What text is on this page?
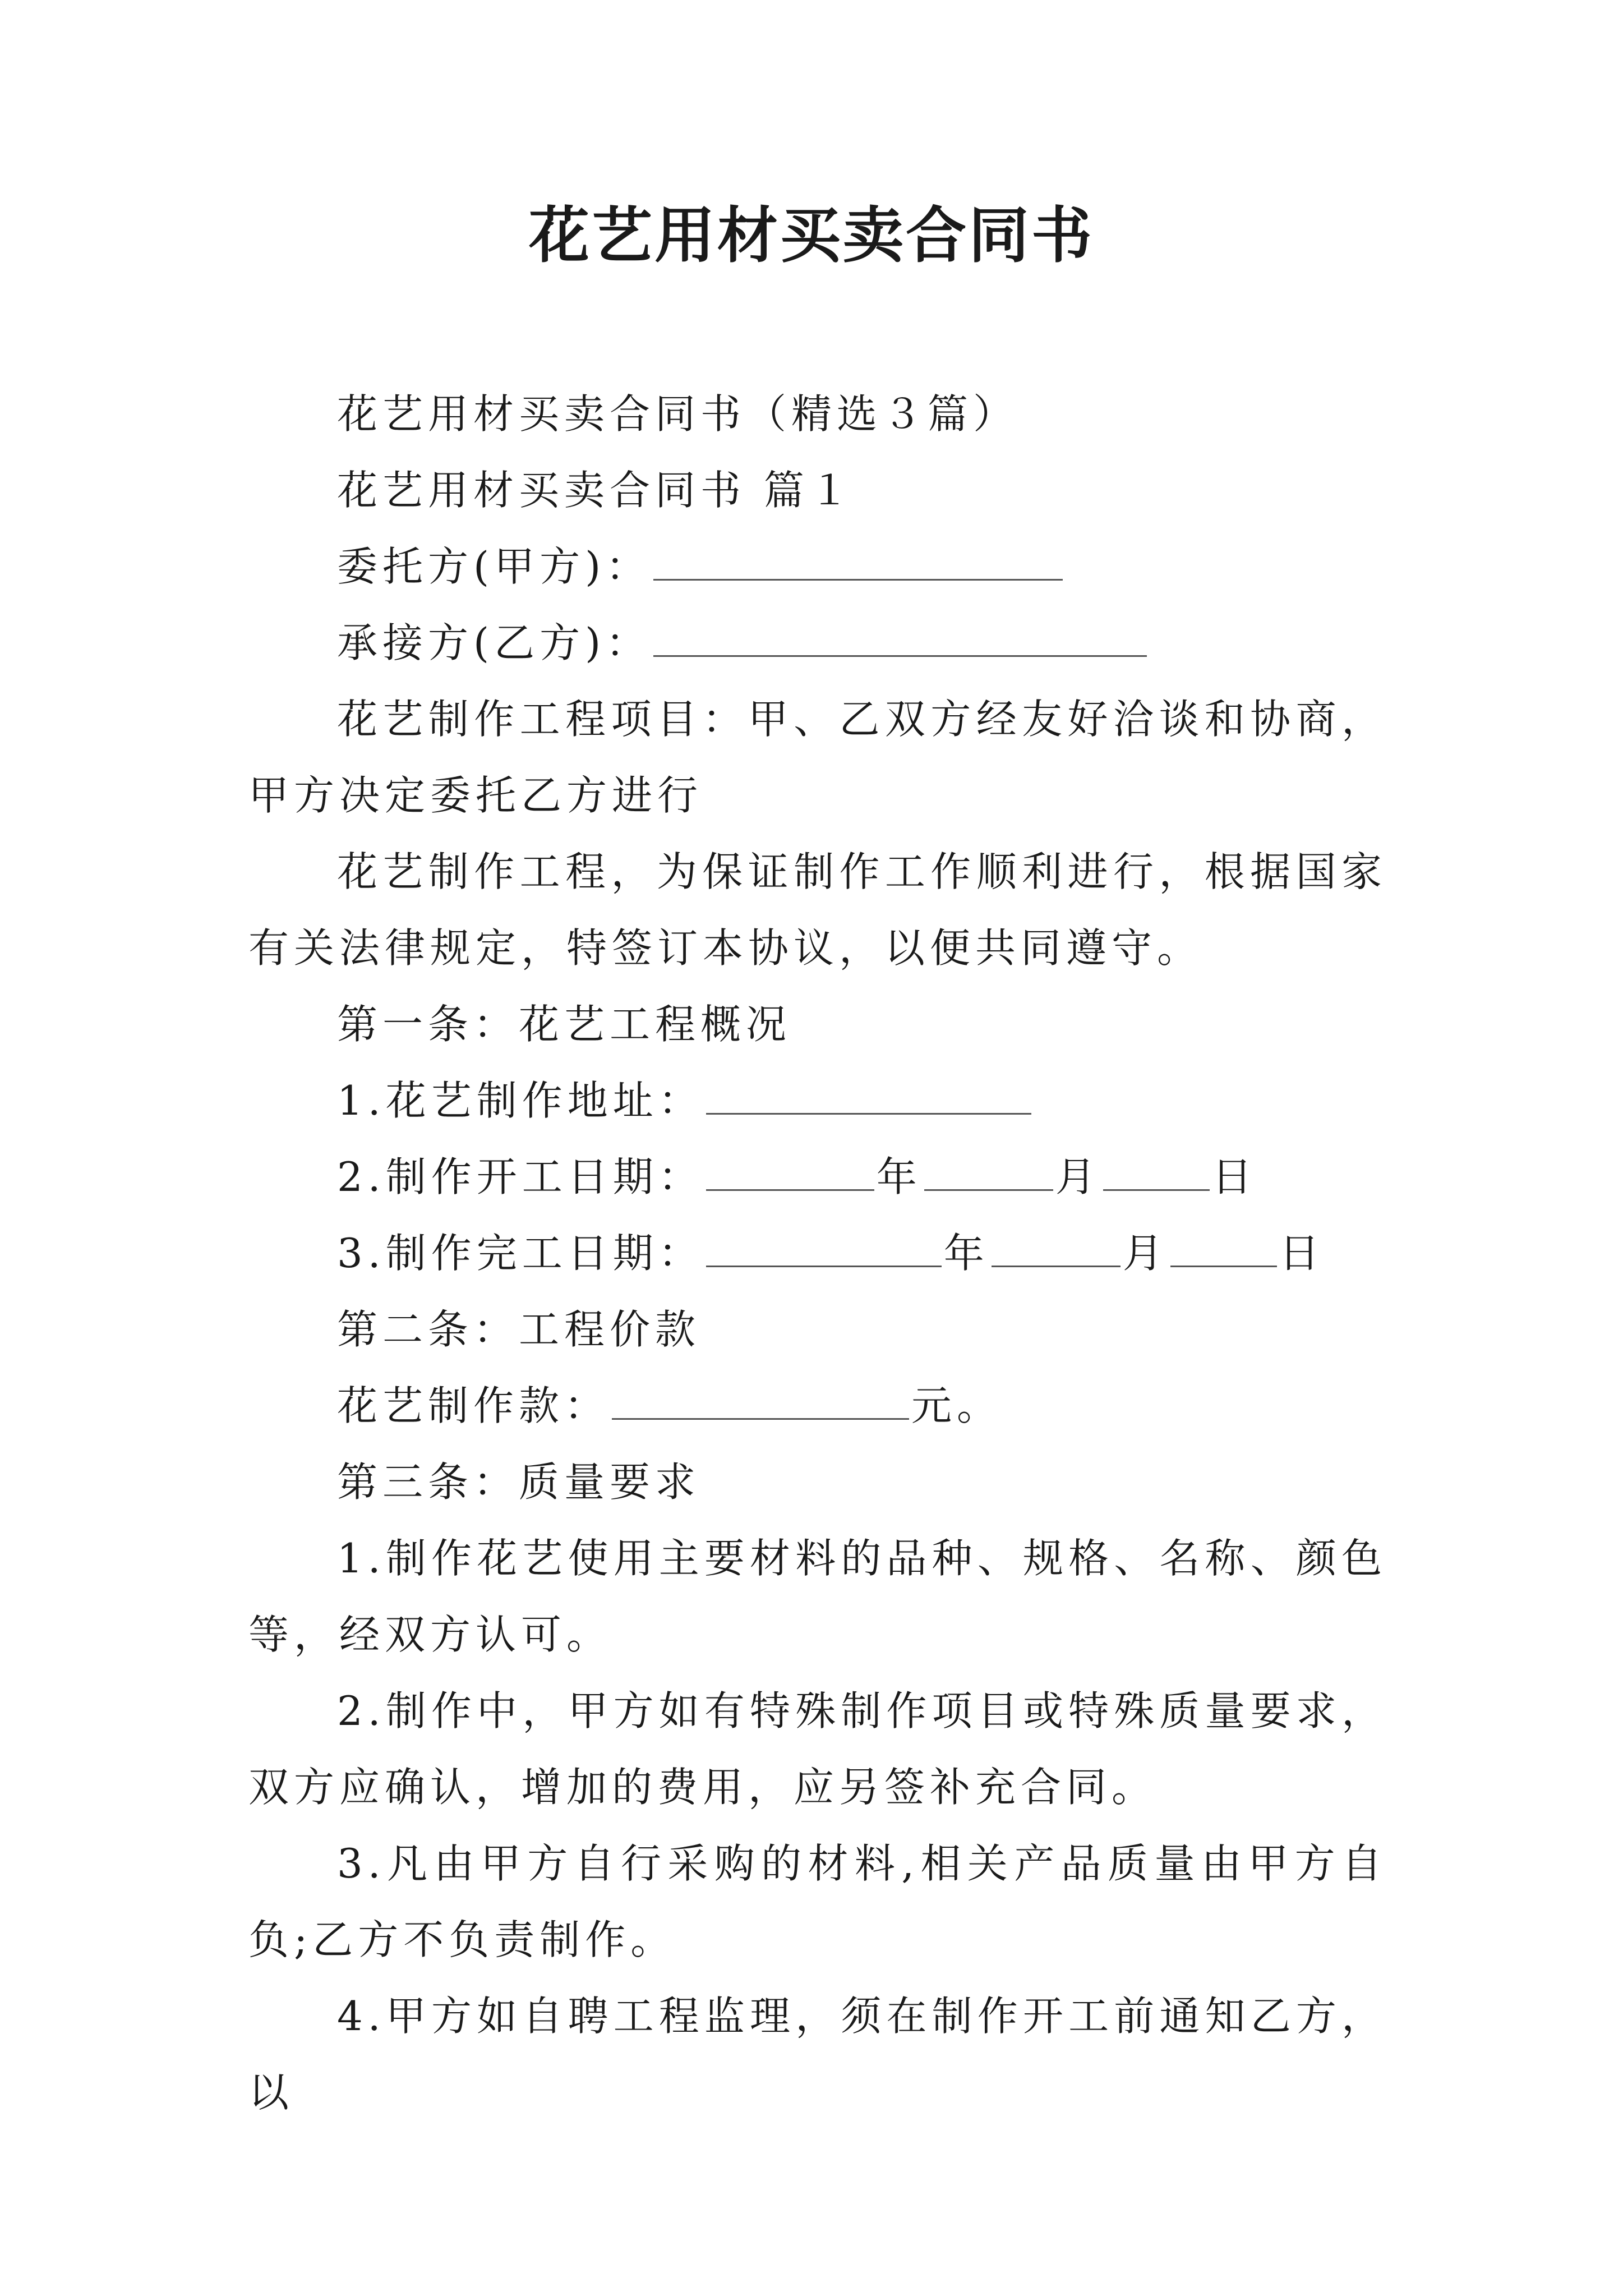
花艺用材买卖合同书

花艺用材买卖合同书（精选３篇）

花艺用材买卖合同书 篇１

委托方(甲方)：

承接方(乙方)：

花艺制作工程项目：甲、乙双方经友好洽谈和协商，甲方决定委托乙方进行

花艺制作工程，为保证制作工作顺利进行，根据国家有关法律规定，特签订本协议，以便共同遵守。

第一条：花艺工程概况

1.花艺制作地址：

2.制作开工日期：	年	月	日

3.制作完工日期：	年	月	日

第二条：工程价款

花艺制作款：	元。

第三条：质量要求

1.制作花艺使用主要材料的品种、规格、名称、颜色等，经双方认可。

2.制作中，甲方如有特殊制作项目或特殊质量要求，双方应确认，增加的费用，应另签补充合同。

3.凡由甲方自行采购的材料,相关产品质量由甲方自负;乙方不负责制作。

4.甲方如自聘工程监理，须在制作开工前通知乙方，以
